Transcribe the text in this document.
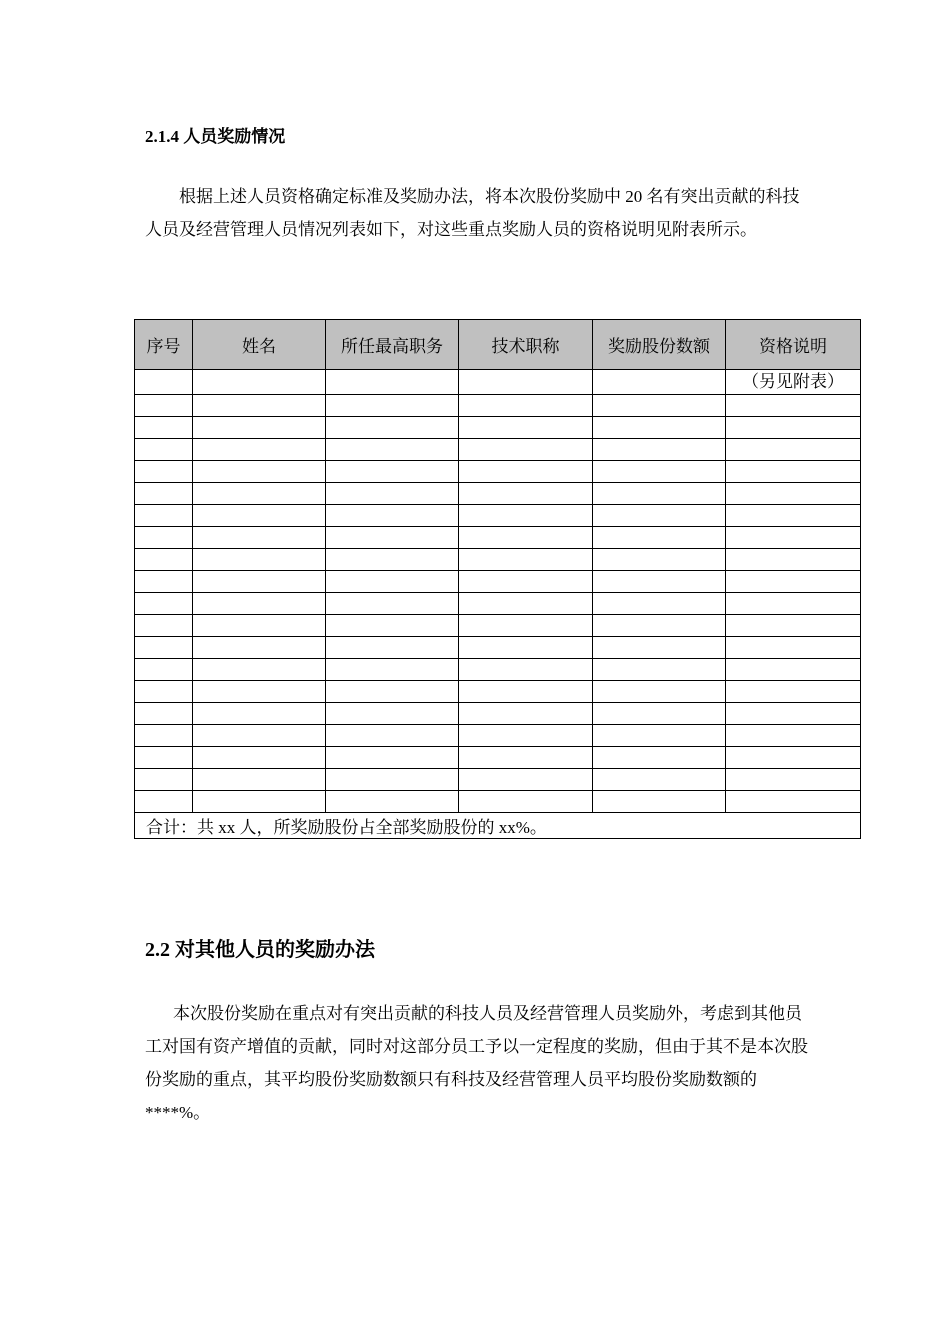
2.1.4 人员奖励情况

根据上述人员资格确定标准及奖励办法，将本次股份奖励中 20 名有突出贡献的科技人员及经营管理人员情况列表如下，对这些重点奖励人员的资格说明见附表所示。

序号	姓名	所任最高职务	技术职称	奖励股份数额	资格说明
					（另见附表）

合计：共 xx 人，所奖励股份占全部奖励股份的 xx%。					
2.2 对其他人员的奖励办法

本次股份奖励在重点对有突出贡献的科技人员及经营管理人员奖励外，考虑到其他员工对国有资产增值的贡献，同时对这部分员工予以一定程度的奖励，但由于其不是本次股份奖励的重点，其平均股份奖励数额只有科技及经营管理人员平均股份奖励数额的****%。
